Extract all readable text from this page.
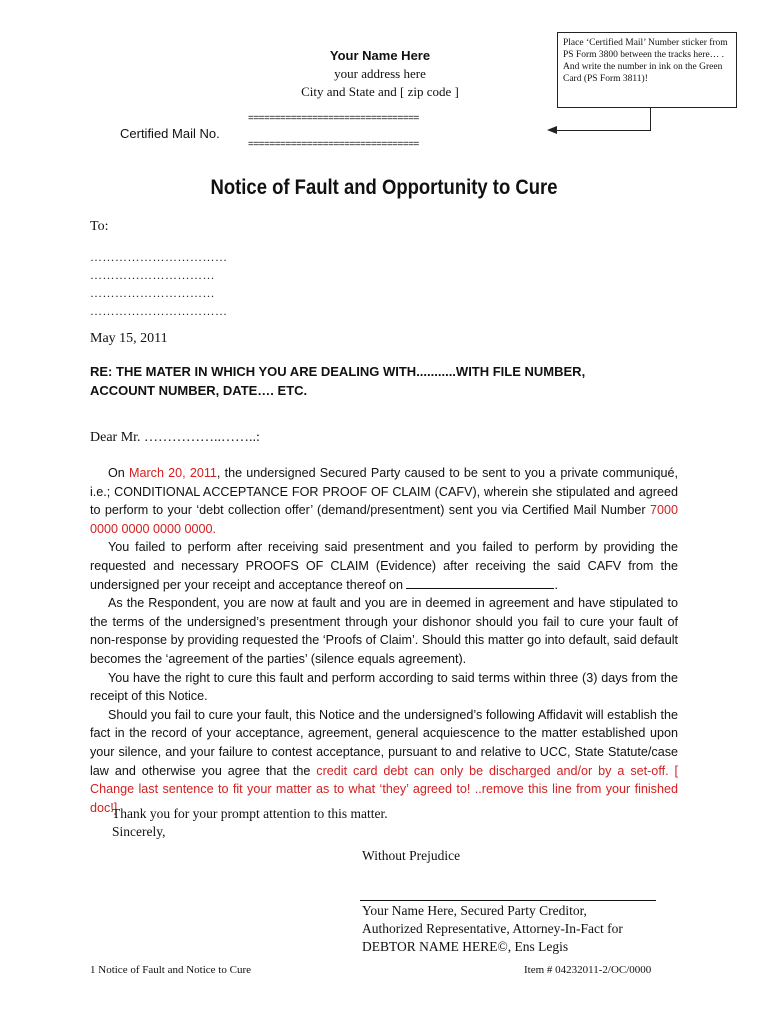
Your Name Here
your address here
City and State and [ zip code ]
Place ‘Certified Mail’ Number sticker from PS Form 3800 between the tracks here… . And write the number in ink on the Green Card (PS Form 3811)!
Certified Mail No.
================================
================================
Notice of Fault and Opportunity to Cure
To:
……………………………
…………………………
…………………………
……………………………
May 15, 2011
RE: THE MATER IN WHICH YOU ARE DEALING WITH...........WITH FILE NUMBER, ACCOUNT NUMBER, DATE…. ETC.
Dear Mr. ……………..……..:

On March 20, 2011, the undersigned Secured Party caused to be sent to you a private communiqué, i.e.; CONDITIONAL ACCEPTANCE FOR PROOF OF CLAIM (CAFV), wherein she stipulated and agreed to perform to your ‘debt collection offer’ (demand/presentment) sent you via Certified Mail Number 7000 0000 0000 0000 0000.

You failed to perform after receiving said presentment and you failed to perform by providing the requested and necessary PROOFS OF CLAIM (Evidence) after receiving the said CAFV from the undersigned per your receipt and acceptance thereof on	.

As the Respondent, you are now at fault and you are in deemed in agreement and have stipulated to the terms of the undersigned’s presentment through your dishonor should you fail to cure your fault of non-response by providing requested the ‘Proofs of Claim’. Should this matter go into default, said default becomes the ‘agreement of the parties’ (silence equals agreement).

You have the right to cure this fault and perform according to said terms within three (3) days from the receipt of this Notice.

Should you fail to cure your fault, this Notice and the undersigned’s following Affidavit will establish the fact in the record of your acceptance, agreement, general acquiescence to the matter established upon your silence, and your failure to contest acceptance, pursuant to and relative to UCC, State Statute/case law and otherwise you agree that the credit card debt can only be discharged and/or by a set-off. [ Change last sentence to fit your matter as to what ‘they’ agreed to! ..remove this line from your finished doc!]

Thank you for your prompt attention to this matter.
Sincerely,
Without Prejudice
Your Name Here, Secured Party Creditor,
Authorized Representative, Attorney-In-Fact for
DEBTOR NAME HERE©, Ens Legis
1 Notice of Fault and Notice to Cure	Item # 04232011-2/OC/0000
